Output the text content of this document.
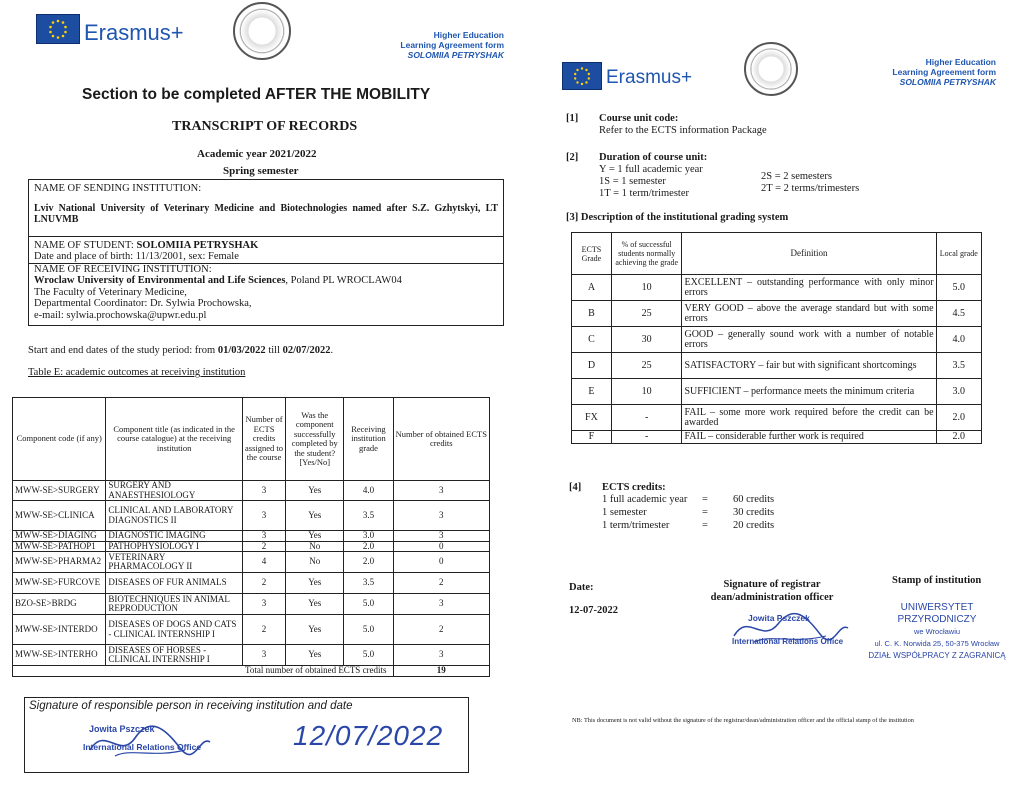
Erasmus+	Higher Education
Learning Agreement form
SOLOMIIA PETRYSHAK
Section to be completed AFTER THE MOBILITY
TRANSCRIPT OF RECORDS
Academic year 2021/2022
Spring semester
NAME OF SENDING INSTITUTION:
Lviv National University of Veterinary Medicine and Biotechnologies named after S.Z. Gzhytskyi, LT LNUVMB
NAME OF STUDENT: SOLOMIIA PETRYSHAK
Date and place of birth: 11/13/2001, sex: Female
NAME OF RECEIVING INSTITUTION:
Wroclaw University of Environmental and Life Sciences, Poland PL WROCLAW04
The Faculty of Veterinary Medicine,
Departmental Coordinator: Dr. Sylwia Prochowska,
e-mail: sylwia.prochowska@upwr.edu.pl
Start and end dates of the study period: from 01/03/2022 till 02/07/2022.
Table E: academic outcomes at receiving institution
Component code (if any)	Component title (as indicated in the course catalogue) at the receiving institution	Number of ECTS credits assigned to the course	Was the component successfully completed by the student? [Yes/No]	Receiving institution grade	Number of obtained ECTS credits
MWW-SE>SURGERY	SURGERY AND ANAESTHESIOLOGY	3	Yes	4.0	3
MWW-SE>CLINICA	CLINICAL AND LABORATORY DIAGNOSTICS II	3	Yes	3.5	3
MWW-SE>DIAGING	DIAGNOSTIC IMAGING	3	Yes	3.0	3
MWW-SE>PATHOP1	PATHOPHYSIOLOGY I	2	No	2.0	0
MWW-SE>PHARMA2	VETERINARY PHARMACOLOGY II	4	No	2.0	0
MWW-SE>FURCOVE	DISEASES OF FUR ANIMALS	2	Yes	3.5	2
BZO-SE>BRDG	BIOTECHNIQUES IN ANIMAL REPRODUCTION	3	Yes	5.0	3
MWW-SE>INTERDO	DISEASES OF DOGS AND CATS - CLINICAL INTERNSHIP I	2	Yes	5.0	2
MWW-SE>INTERHO	DISEASES OF HORSES - CLINICAL INTERNSHIP I	3	Yes	5.0	3
Total number of obtained ECTS credits					19
Signature of responsible person in receiving institution and date
Jowita Pszczek
International Relations Office	12/07/2022
Erasmus+
Higher Education
Learning Agreement form
SOLOMIIA PETRYSHAK
[1] Course unit code:
Refer to the ECTS information Package
[2] Duration of course unit:
Y = 1 full academic year
1S = 1 semester
1T = 1 term/trimester
2S = 2 semesters
2T = 2 terms/trimesters
[3] Description of the institutional grading system
ECTS Grade	% of successful students normally achieving the grade	Definition	Local grade
A	10	EXCELLENT – outstanding performance with only minor errors	5.0
B	25	VERY GOOD – above the average standard but with some errors	4.5
C	30	GOOD – generally sound work with a number of notable errors	4.0
D	25	SATISFACTORY – fair but with significant shortcomings	3.5
E	10	SUFFICIENT – performance meets the minimum criteria	3.0
FX	-	FAIL – some more work required before the credit can be awarded	2.0
F	-	FAIL – considerable further work is required	2.0
[4] ECTS credits:
1 full academic year = 60 credits
1 semester	= 30 credits
1 term/trimester	= 20 credits
Date:
12-07-2022
Signature of registrar
dean/administration officer
Stamp of institution
Jowita Pszczek
International Relations Office
UNIWERSYTET PRZYRODNICZY
we Wrocławiu
ul. C. K. Norwida 25, 50-375 Wrocław
DZIAŁ WSPÓŁPRACY Z ZAGRANICĄ
NB: This document is not valid without the signature of the registrar/dean/administration officer and the official stamp of the institution
